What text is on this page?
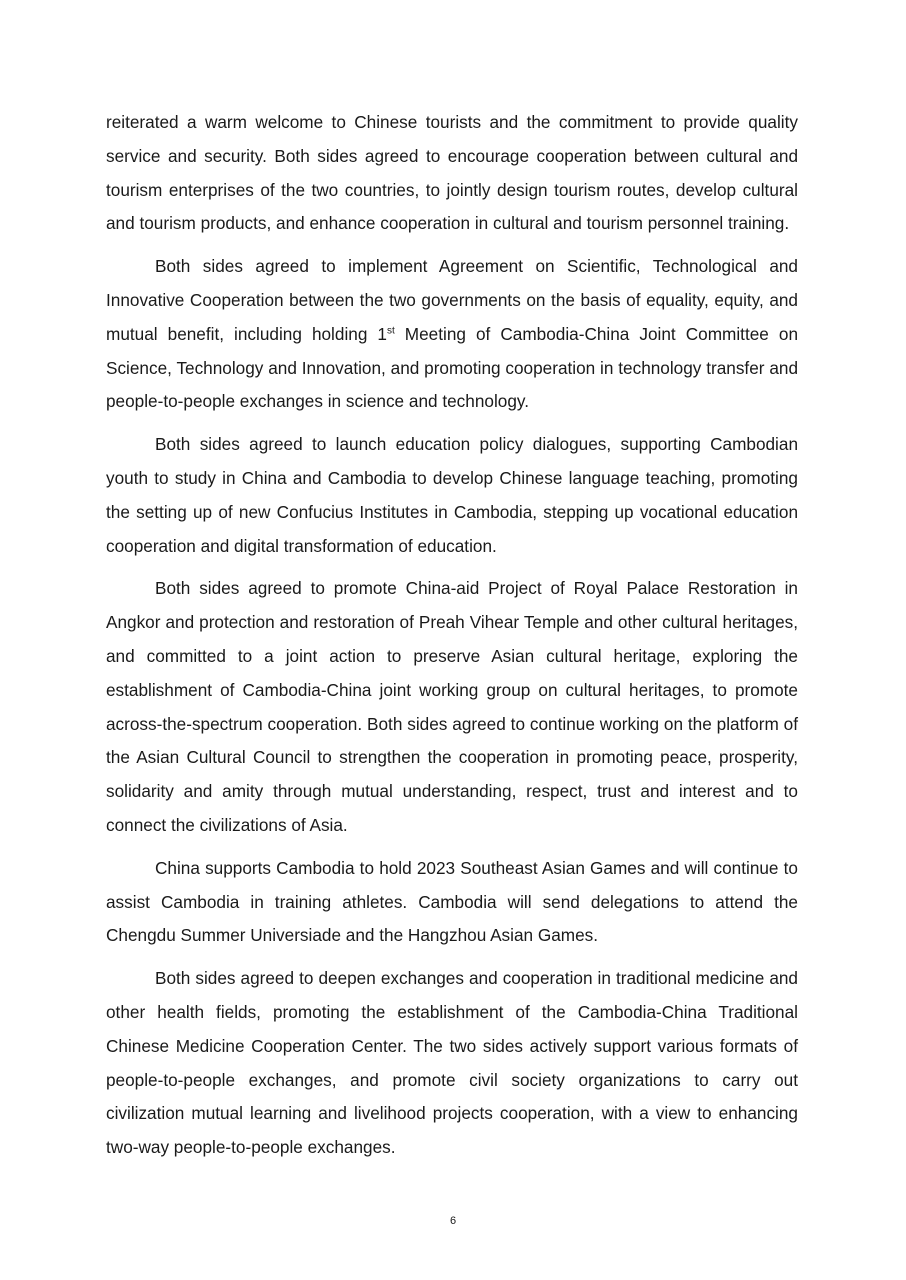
reiterated a warm welcome to Chinese tourists and the commitment to provide quality service and security. Both sides agreed to encourage cooperation between cultural and tourism enterprises of the two countries, to jointly design tourism routes, develop cultural and tourism products, and enhance cooperation in cultural and tourism personnel training.

Both sides agreed to implement Agreement on Scientific, Technological and Innovative Cooperation between the two governments on the basis of equality, equity, and mutual benefit, including holding 1st Meeting of Cambodia-China Joint Committee on Science, Technology and Innovation, and promoting cooperation in technology transfer and people-to-people exchanges in science and technology.

Both sides agreed to launch education policy dialogues, supporting Cambodian youth to study in China and Cambodia to develop Chinese language teaching, promoting the setting up of new Confucius Institutes in Cambodia, stepping up vocational education cooperation and digital transformation of education.

Both sides agreed to promote China-aid Project of Royal Palace Restoration in Angkor and protection and restoration of Preah Vihear Temple and other cultural heritages, and committed to a joint action to preserve Asian cultural heritage, exploring the establishment of Cambodia-China joint working group on cultural heritages, to promote across-the-spectrum cooperation. Both sides agreed to continue working on the platform of the Asian Cultural Council to strengthen the cooperation in promoting peace, prosperity, solidarity and amity through mutual understanding, respect, trust and interest and to connect the civilizations of Asia.

China supports Cambodia to hold 2023 Southeast Asian Games and will continue to assist Cambodia in training athletes. Cambodia will send delegations to attend the Chengdu Summer Universiade and the Hangzhou Asian Games.

Both sides agreed to deepen exchanges and cooperation in traditional medicine and other health fields, promoting the establishment of the Cambodia-China Traditional Chinese Medicine Cooperation Center. The two sides actively support various formats of people-to-people exchanges, and promote civil society organizations to carry out civilization mutual learning and livelihood projects cooperation, with a view to enhancing two-way people-to-people exchanges.

6
